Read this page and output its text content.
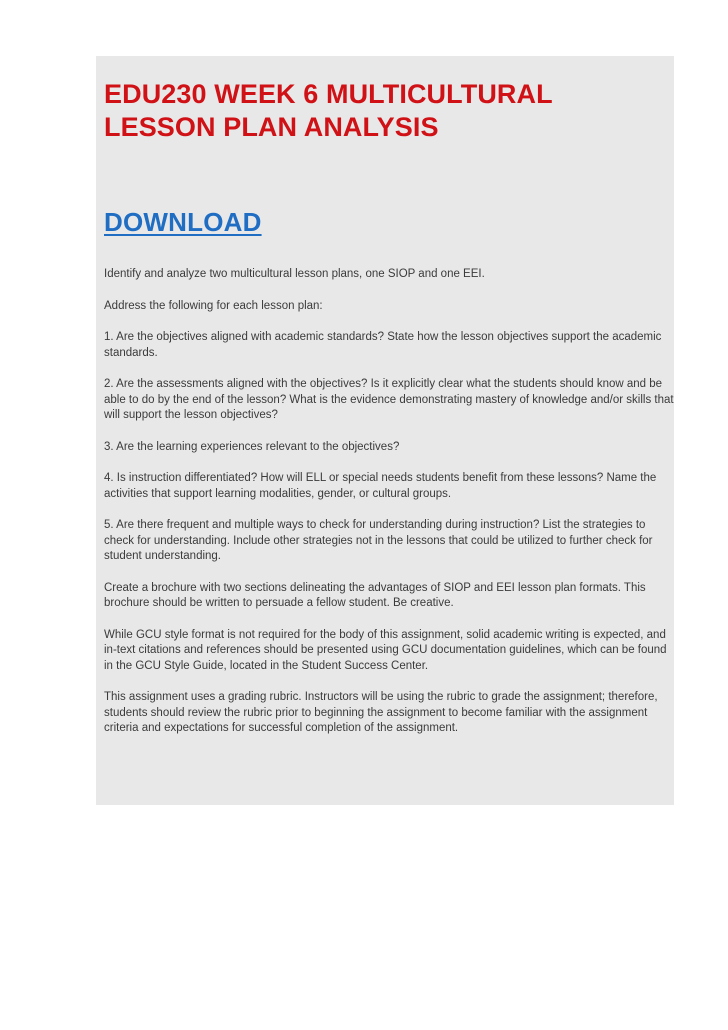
EDU230 WEEK 6 MULTICULTURAL LESSON PLAN ANALYSIS
DOWNLOAD

Identify and analyze two multicultural lesson plans, one SIOP and one EEI.

Address the following for each lesson plan:

1. Are the objectives aligned with academic standards? State how the lesson objectives support the academic standards.

2. Are the assessments aligned with the objectives? Is it explicitly clear what the students should know and be able to do by the end of the lesson? What is the evidence demonstrating mastery of knowledge and/or skills that will support the lesson objectives?

3. Are the learning experiences relevant to the objectives?

4. Is instruction differentiated? How will ELL or special needs students benefit from these lessons? Name the activities that support learning modalities, gender, or cultural groups.

5. Are there frequent and multiple ways to check for understanding during instruction? List the strategies to check for understanding. Include other strategies not in the lessons that could be utilized to further check for student understanding.

Create a brochure with two sections delineating the advantages of SIOP and EEI lesson plan formats. This brochure should be written to persuade a fellow student. Be creative.

While GCU style format is not required for the body of this assignment, solid academic writing is expected, and in-text citations and references should be presented using GCU documentation guidelines, which can be found in the GCU Style Guide, located in the Student Success Center.

This assignment uses a grading rubric. Instructors will be using the rubric to grade the assignment; therefore, students should review the rubric prior to beginning the assignment to become familiar with the assignment criteria and expectations for successful completion of the assignment.
